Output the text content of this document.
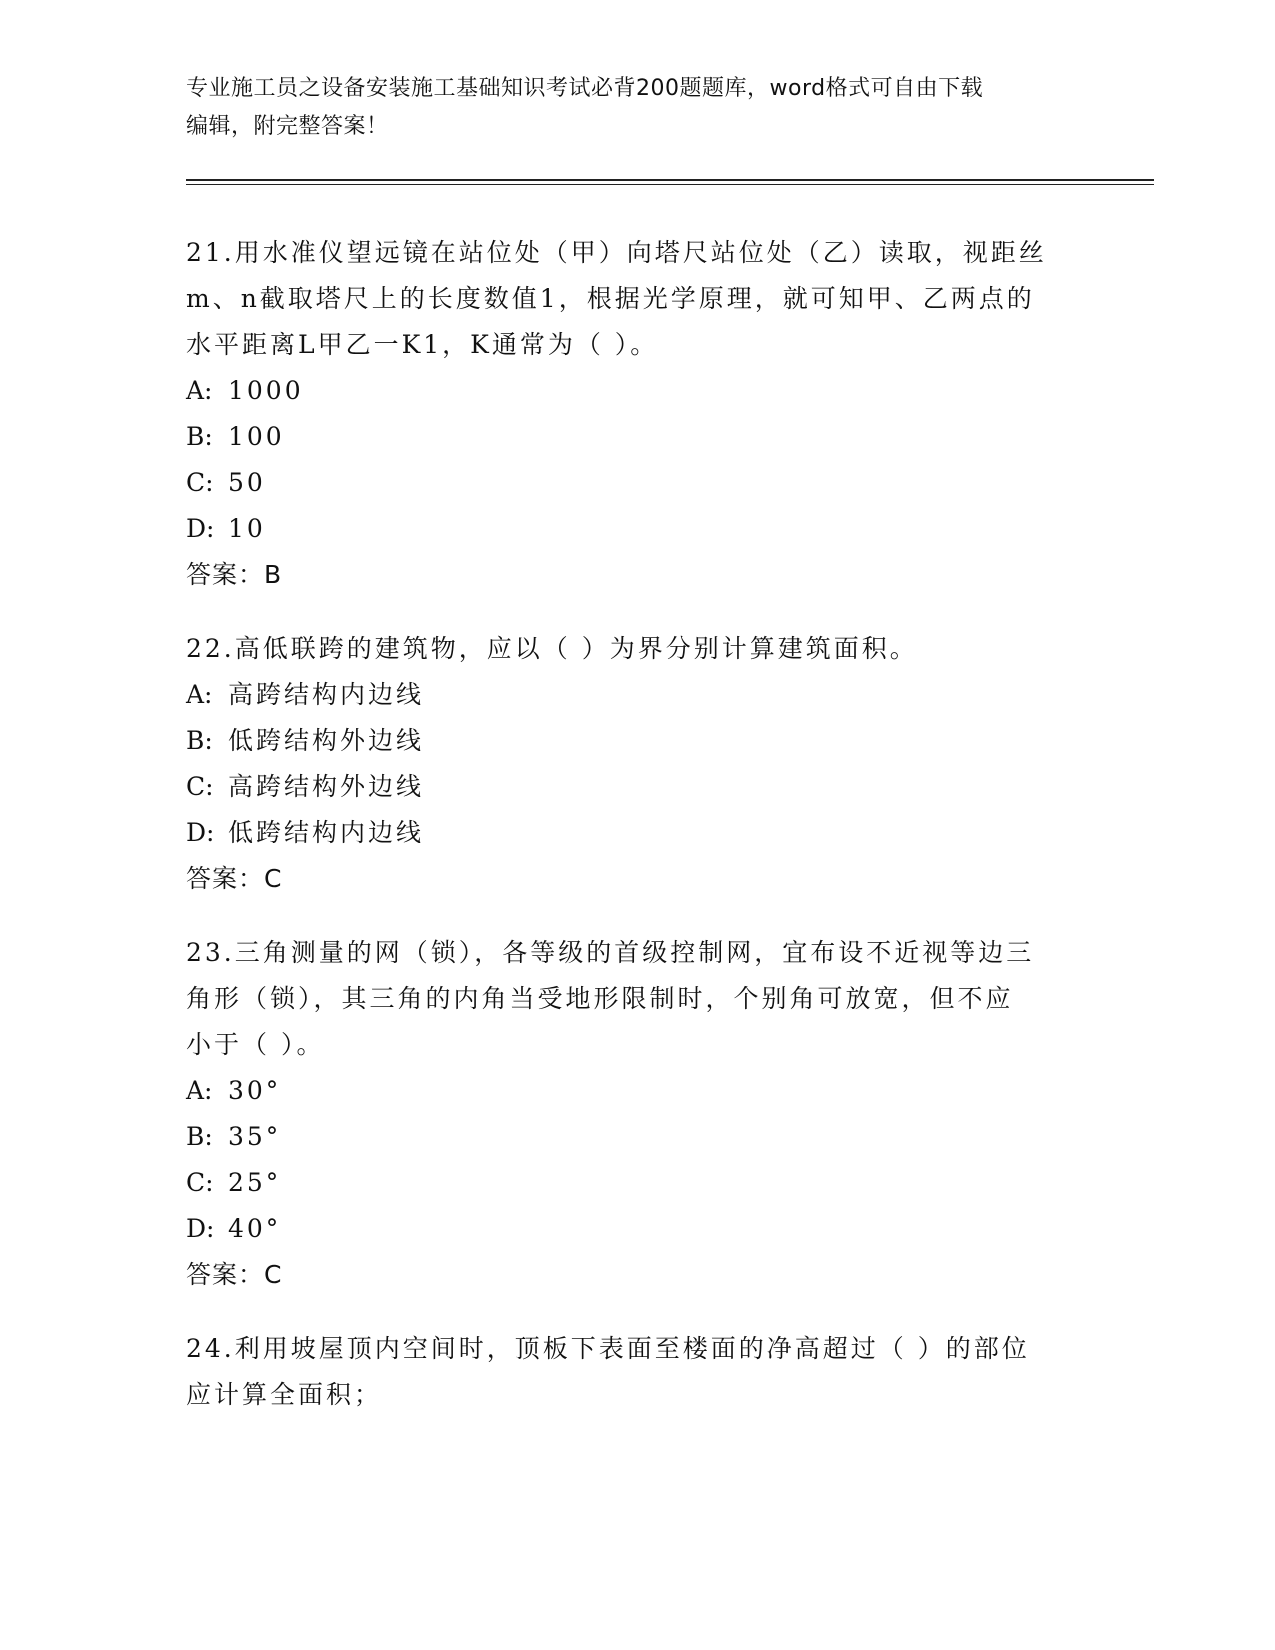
专业施工员之设备安装施工基础知识考试必背200题题库，word格式可自由下载
编辑，附完整答案！
21.用水准仪望远镜在站位处（甲）向塔尺站位处（乙）读取，视距丝
m、n截取塔尺上的长度数值1，根据光学原理，就可知甲、乙两点的
水平距离L甲乙一K1，K通常为（ ）。
A: 1000
B: 100
C: 50
D: 10
答案：B
22.高低联跨的建筑物，应以（ ）为界分别计算建筑面积。
A: 高跨结构内边线
B: 低跨结构外边线
C: 高跨结构外边线
D: 低跨结构内边线
答案：C
23.三角测量的网（锁），各等级的首级控制网，宜布设不近视等边三
角形（锁），其三角的内角当受地形限制时，个别角可放宽，但不应
小于（ ）。
A: 30°
B: 35°
C: 25°
D: 40°
答案：C
24.利用坡屋顶内空间时，顶板下表面至楼面的净高超过（ ）的部位
应计算全面积；
